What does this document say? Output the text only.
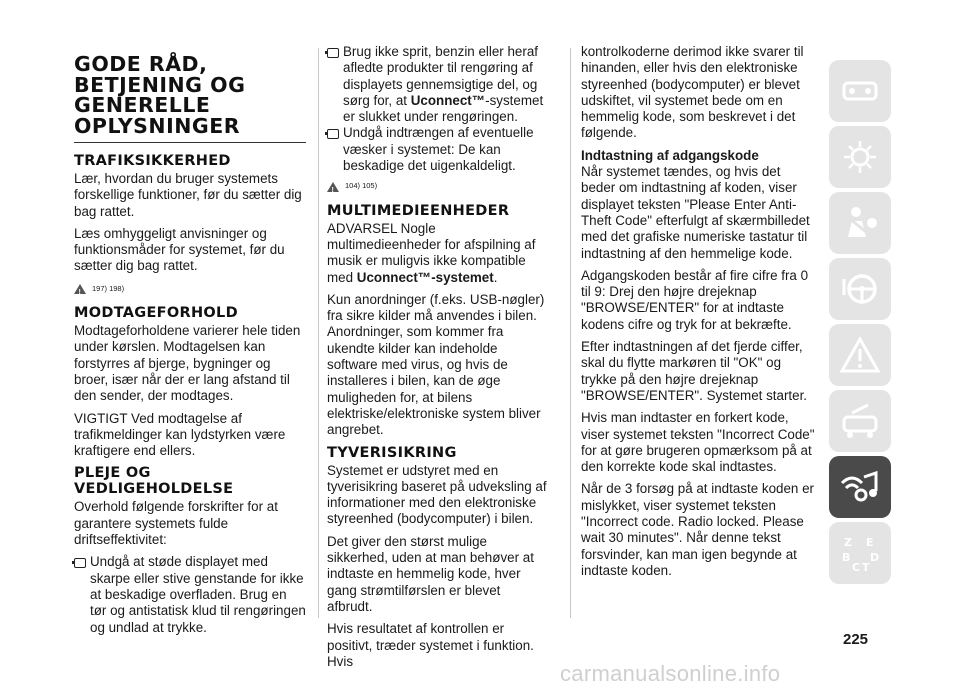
GODE RÅD, BETJENING OG GENERELLE OPLYSNINGER
TRAFIKSIKKERHED

Lær, hvordan du bruger systemets forskellige funktioner, før du sætter dig bag rattet.

Læs omhyggeligt anvisninger og funktionsmåder for systemet, før du sætter dig bag rattet.

!
197) 198)
MODTAGEFORHOLD

Modtageforholdene varierer hele tiden under kørslen. Modtagelsen kan forstyrres af bjerge, bygninger og broer, især når der er lang afstand til den sender, der modtages.

VIGTIGT Ved modtagelse af trafikmeldinger kan lydstyrken være kraftigere end ellers.

PLEJE OG VEDLIGEHOLDELSE

Overhold følgende forskrifter for at garantere systemets fulde driftseffektivitet:

Undgå at støde displayet med skarpe eller stive genstande for ikke at beskadige overfladen. Brug en tør og antistatisk klud til rengøringen og undlad at trykke.
Brug ikke sprit, benzin eller heraf afledte produkter til rengøring af displayets gennemsigtige del, og sørg for, at Uconnect™-systemet er slukket under rengøringen.
Undgå indtrængen af eventuelle væsker i systemet: De kan beskadige det uigenkaldeligt.
!
104) 105)
MULTIMEDIEENHEDER

ADVARSEL Nogle multimedieenheder for afspilning af musik er muligvis ikke kompatible med Uconnect™-systemet.

Kun anordninger (f.eks. USB-nøgler) fra sikre kilder må anvendes i bilen. Anordninger, som kommer fra ukendte kilder kan indeholde software med virus, og hvis de installeres i bilen, kan de øge muligheden for, at bilens elektriske/elektroniske system bliver angrebet.

TYVERISIKRING

Systemet er udstyret med en tyverisikring baseret på udveksling af informationer med den elektroniske styreenhed (bodycomputer) i bilen.

Det giver den størst mulige sikkerhed, uden at man behøver at indtaste en hemmelig kode, hver gang strømtilførslen er blevet afbrudt.

Hvis resultatet af kontrollen er positivt, træder systemet i funktion. Hvis

kontrolkoderne derimod ikke svarer til hinanden, eller hvis den elektroniske styreenhed (bodycomputer) er blevet udskiftet, vil systemet bede om en hemmelig kode, som beskrevet i det følgende.

Indtastning af adgangskode

Når systemet tændes, og hvis det beder om indtastning af koden, viser displayet teksten "Please Enter Anti-Theft Code" efterfulgt af skærmbilledet med det grafiske numeriske tastatur til indtastning af den hemmelige kode.

Adgangskoden består af fire cifre fra 0 til 9: Drej den højre drejeknap "BROWSE/ENTER" for at indtaste kodens cifre og tryk for at bekræfte.

Efter indtastningen af det fjerde ciffer, skal du flytte markøren til "OK" og trykke på den højre drejeknap "BROWSE/ENTER". Systemet starter.

Hvis man indtaster en forkert kode, viser systemet teksten "Incorrect Code" for at gøre brugeren opmærksom på at den korrekte kode skal indtastes.

Når de 3 forsøg på at indtaste koden er mislykket, viser systemet teksten "Incorrect code. Radio locked. Please wait 30 minutes". Når denne tekst forsvinder, kan man igen begynde at indtaste koden.

Z E
B D
C T
225
carmanualsonline.info
